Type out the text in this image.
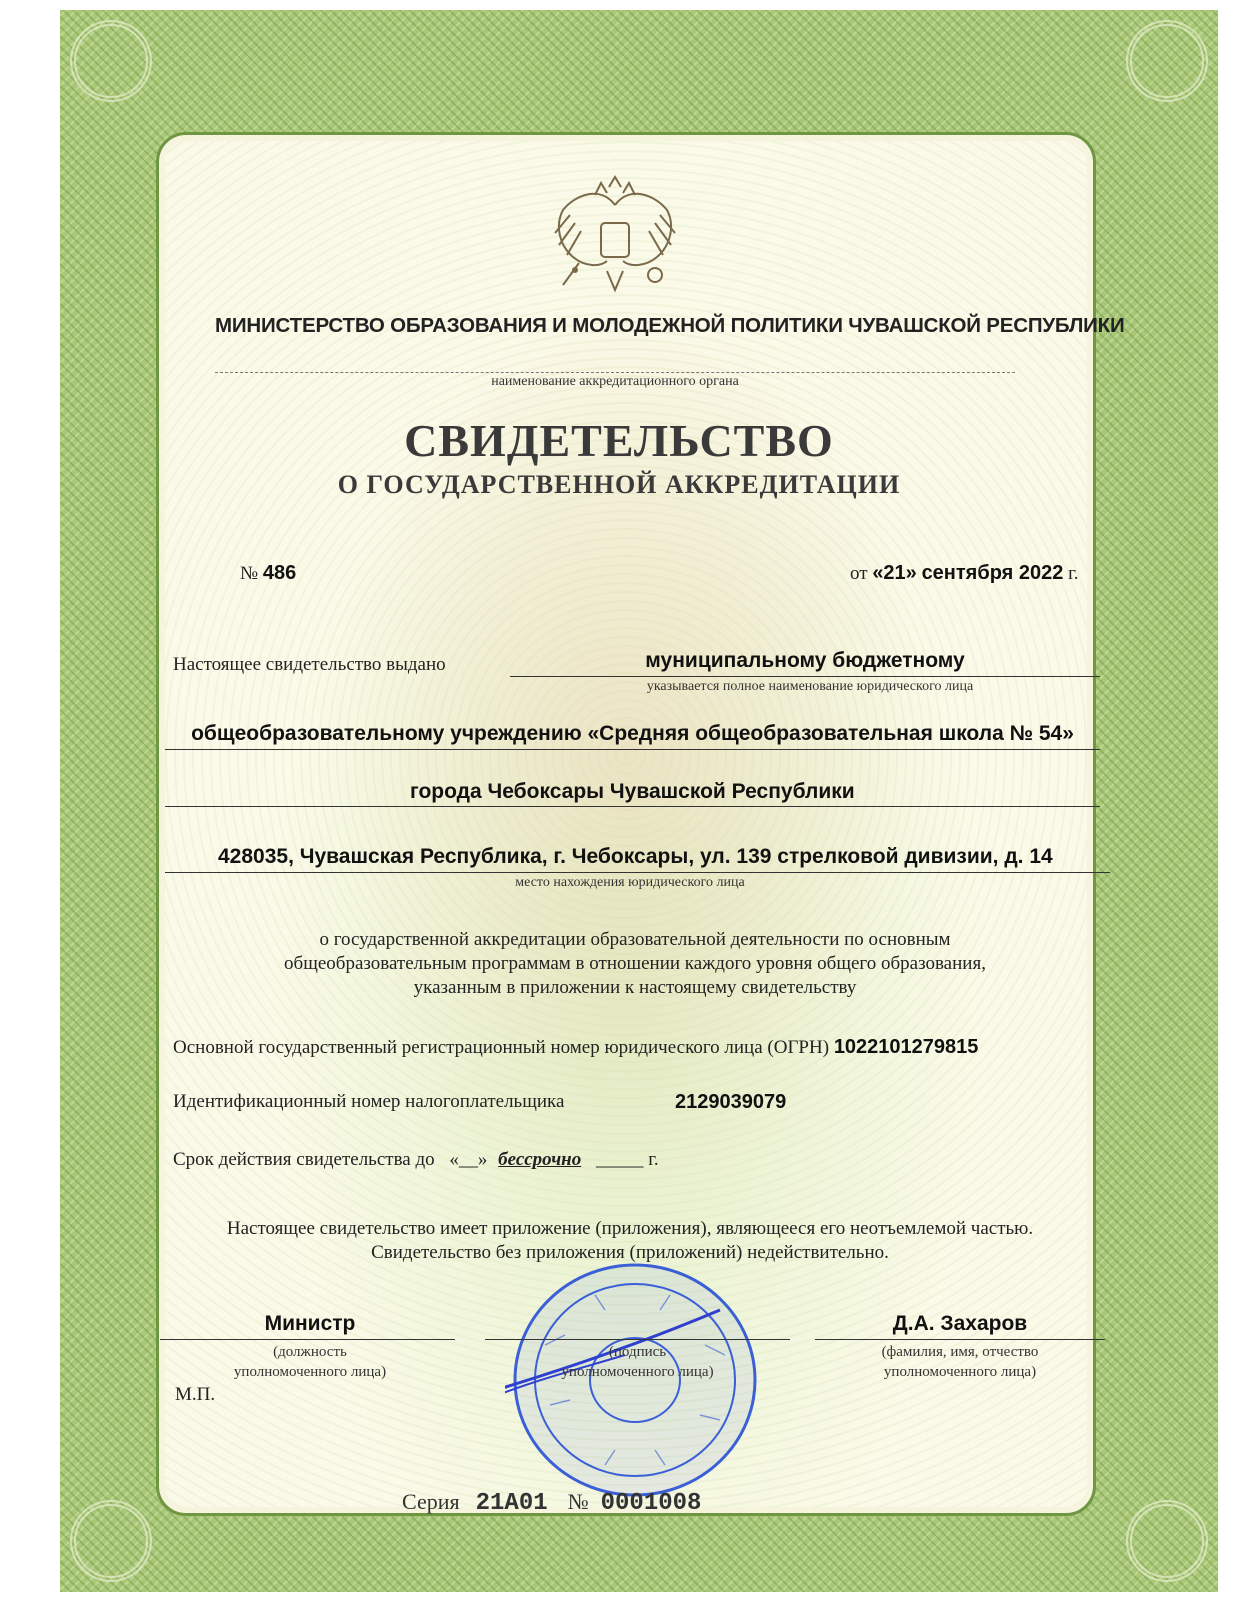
МИНИСТЕРСТВО ОБРАЗОВАНИЯ И МОЛОДЕЖНОЙ ПОЛИТИКИ ЧУВАШСКОЙ РЕСПУБЛИКИ
наименование аккредитационного органа
СВИДЕТЕЛЬСТВО
О ГОСУДАРСТВЕННОЙ АККРЕДИТАЦИИ
№ 486	от «21» сентября 2022 г.
Настоящее свидетельство выдано	муниципальному бюджетному
указывается полное наименование юридического лица
общеобразовательному учреждению «Средняя общеобразовательная школа № 54»
города Чебоксары Чувашской Республики
428035, Чувашская Республика, г. Чебоксары, ул. 139 стрелковой дивизии, д. 14
место нахождения юридического лица
о государственной аккредитации образовательной деятельности по основным
общеобразовательным программам в отношении каждого уровня общего образования,
указанным в приложении к настоящему свидетельству
Основной государственный регистрационный номер юридического лица (ОГРН) 1022101279815
Идентификационный номер налогоплательщика	2129039079
Срок действия свидетельства до «__» бессрочно _____ г.
Настоящее свидетельство имеет приложение (приложения), являющееся его неотъемлемой частью.
Свидетельство без приложения (приложений) недействительно.
Министр
(должность
уполномоченного лица)
М.П.
(подпись
уполномоченного лица)
Д.А. Захаров
(фамилия, имя, отчество
уполномоченного лица)
Серия 21А01 № 0001008
